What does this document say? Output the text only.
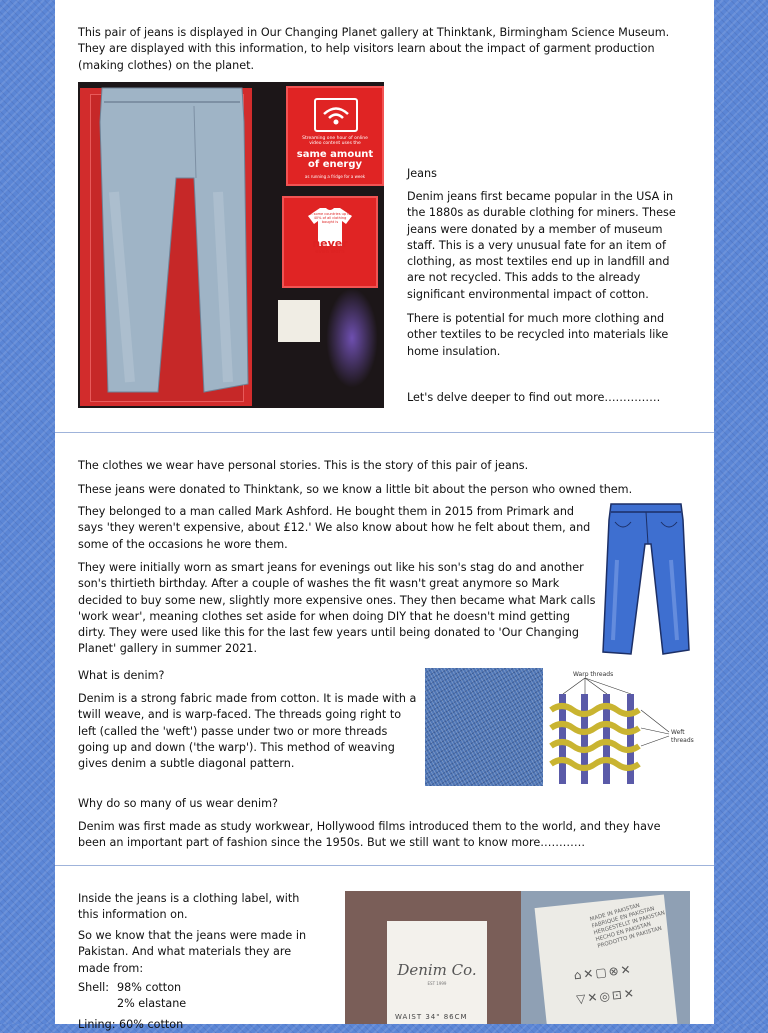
This pair of jeans is displayed in Our Changing Planet gallery at Thinktank, Birmingham Science Museum. They are displayed with this information, to help visitors learn about the impact of garment production (making clothes) on the planet.

Streaming one hour of online video content uses the
same amount of energy
as running a fridge for a week
In some countries up to 40% of all clothing bought is
never
even worn

Jeans

Denim jeans first became popular in the USA in the 1880s as durable clothing for miners. These jeans were donated by a member of museum staff. This is a very unusual fate for an item of clothing, as most textiles end up in landfill and are not recycled. This adds to the already significant environmental impact of cotton.

There is potential for much more clothing and other textiles to be recycled into materials like home insulation.

Let's delve deeper to find out more……………

The clothes we wear have personal stories. This is the story of this pair of jeans.

These jeans were donated to Thinktank, so we know a little bit about the person who owned them.

They belonged to a man called Mark Ashford. He bought them in 2015 from Primark and says 'they weren't expensive, about £12.' We also know about how he felt about them, and some of the occasions he wore them.

They were initially worn as smart jeans for evenings out like his son's stag do and another son's thirtieth birthday. After a couple of washes the fit wasn't great anymore so Mark decided to buy some new, slightly more expensive ones. They then became what Mark calls 'work wear', meaning clothes set aside for when doing DIY that he doesn't mind getting dirty. They were used like this for the last few years until being donated to 'Our Changing Planet' gallery in summer 2021.

What is denim?

Denim is a strong fabric made from cotton. It is made with a twill weave, and is warp-faced. The threads going right to left (called the 'weft') passe under two or more threads going up and down ('the warp'). This method of weaving gives denim a subtle diagonal pattern.

Warp threads
Weft
threads

Why do so many of us wear denim?

Denim was first made as study workwear, Hollywood films introduced them to the world, and they have been an important part of fashion since the 1950s. But we still want to know more…………

Inside the jeans is a clothing label, with this information on.

So we know that the jeans were made in Pakistan. And what materials they are made from:

Shell: 98% cotton

2% elastane

Lining: 60% cotton

Denim Co.
EST 1999
WAIST 34" 86CM
MADE IN PAKISTAN
FABRIQUE EN PAKISTAN
HERGESTELLT IN PAKISTAN
HECHO EN PAKISTAN
PRODOTTO IN PAKISTAN
⌂✕▢⊗✕
▽✕◎⊡✕
